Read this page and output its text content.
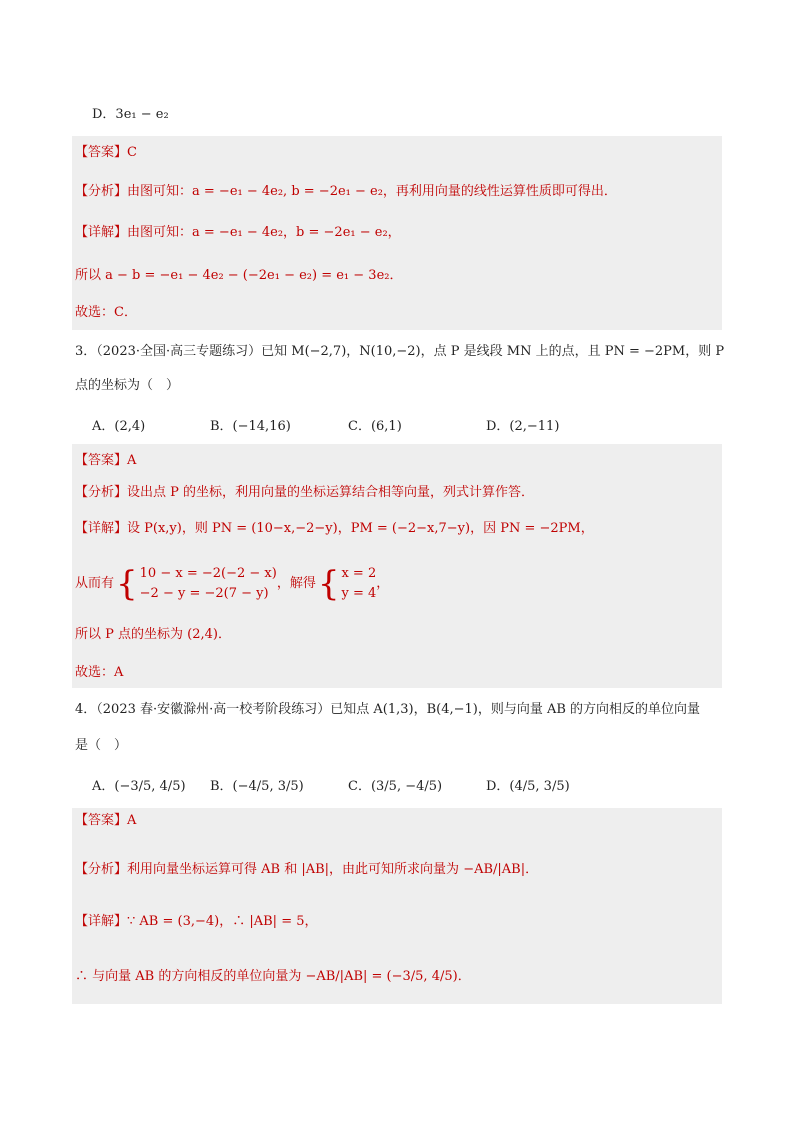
D．3e₁ − e₂
【答案】C
【分析】由图可知：a = −e₁ − 4e₂, b = −2e₁ − e₂，再利用向量的线性运算性质即可得出．
【详解】由图可知：a = −e₁ − 4e₂，b = −2e₁ − e₂，
所以 a − b = −e₁ − 4e₂ − (−2e₁ − e₂) = e₁ − 3e₂．
故选：C．
3．（2023·全国·高三专题练习）已知 M(−2,7)，N(10,−2)，点 P 是线段 MN 上的点，且 PN = −2PM，则 P
点的坐标为（　）
A．(2,4)	B．(−14,16)	C．(6,1)	D．(2,−11)
【答案】A
【分析】设出点 P 的坐标，利用向量的坐标运算结合相等向量，列式计算作答．
【详解】设 P(x,y)，则 PN = (10−x,−2−y)，PM = (−2−x,7−y)，因 PN = −2PM，
从而有 { 10 − x = −2(−2 − x)
−2 − y = −2(7 − y)
，解得 { x = 2
y = 4
，
所以 P 点的坐标为 (2,4)．
故选：A
4．（2023 春·安徽滁州·高一校考阶段练习）已知点 A(1,3)，B(4,−1)，则与向量 AB 的方向相反的单位向量
是（　）
A．(−3/5, 4/5) B．(−4/5, 3/5)	C．(3/5, −4/5)	D．(4/5, 3/5)
【答案】A
【分析】利用向量坐标运算可得 AB 和 |AB|，由此可知所求向量为 −AB/|AB|．
【详解】∵ AB = (3,−4)，∴ |AB| = 5，
∴ 与向量 AB 的方向相反的单位向量为 −AB/|AB| = (−3/5, 4/5)．
